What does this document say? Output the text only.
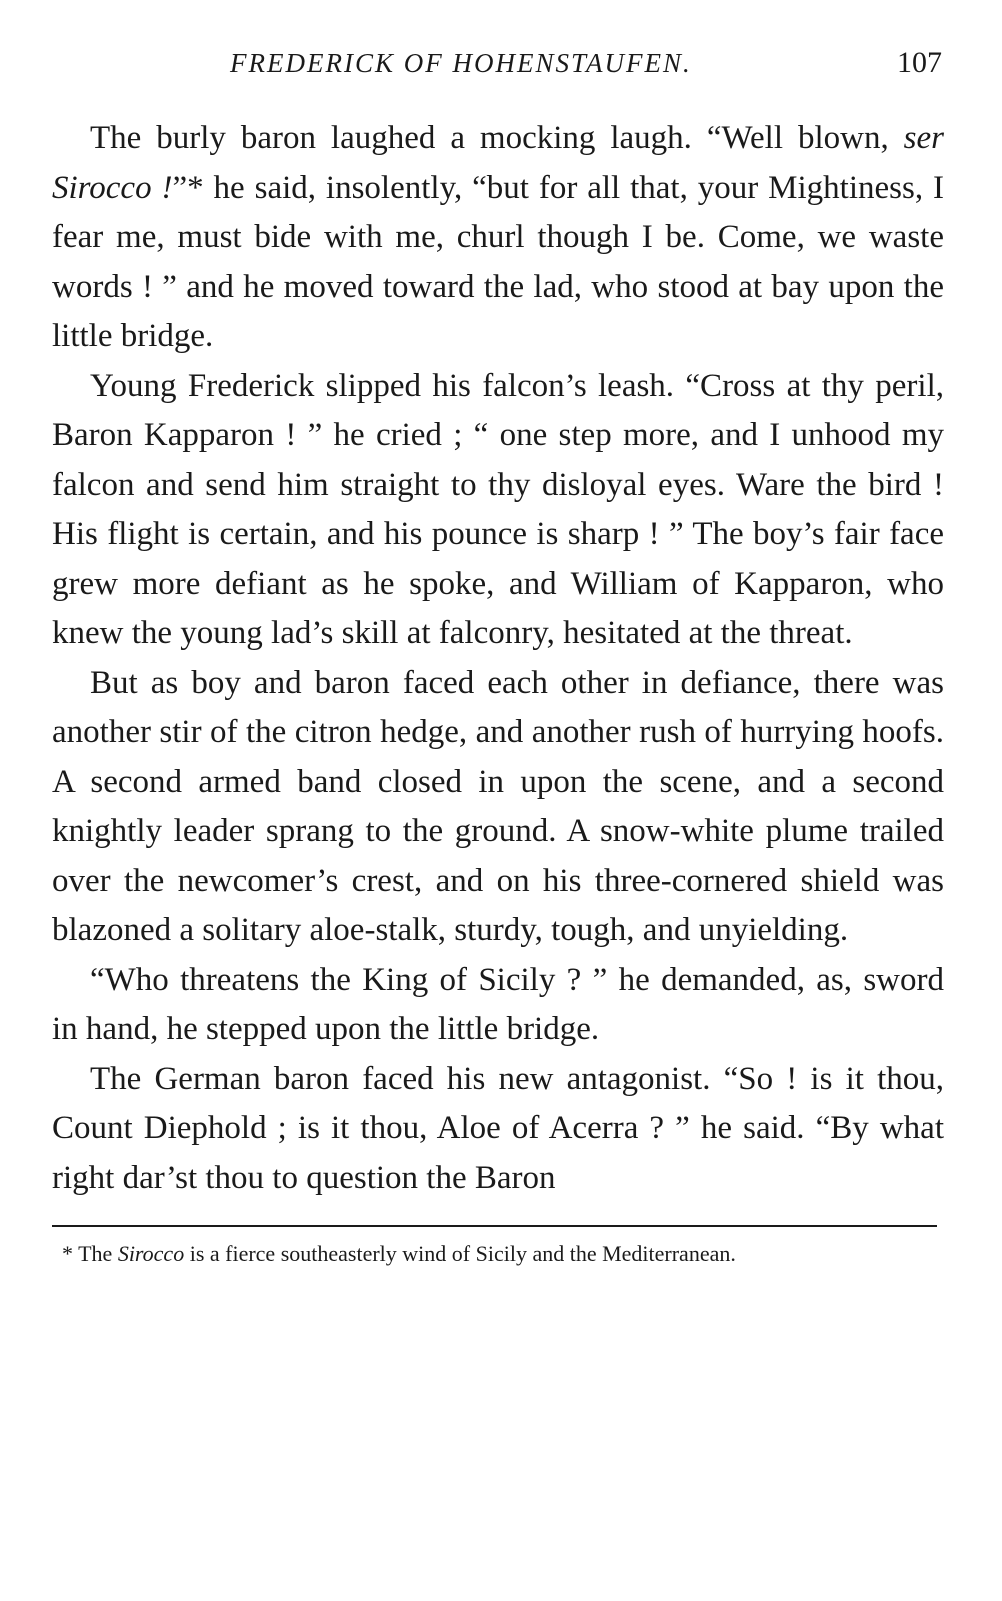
FREDERICK OF HOHENSTAUFEN.	107

The burly baron laughed a mocking laugh. “Well blown, ser Sirocco !”* he said, insolently, “but for all that, your Mightiness, I fear me, must bide with me, churl though I be. Come, we waste words ! ” and he moved toward the lad, who stood at bay upon the little bridge.

Young Frederick slipped his falcon’s leash. “Cross at thy peril, Baron Kapparon ! ” he cried ; “ one step more, and I unhood my falcon and send him straight to thy disloyal eyes. Ware the bird ! His flight is certain, and his pounce is sharp ! ” The boy’s fair face grew more defiant as he spoke, and William of Kapparon, who knew the young lad’s skill at falconry, hesitated at the threat.

But as boy and baron faced each other in defiance, there was another stir of the citron hedge, and another rush of hurrying hoofs. A second armed band closed in upon the scene, and a second knightly leader sprang to the ground. A snow-white plume trailed over the newcomer’s crest, and on his three-cornered shield was blazoned a solitary aloe-stalk, sturdy, tough, and unyielding.

“Who threatens the King of Sicily ? ” he demanded, as, sword in hand, he stepped upon the little bridge.

The German baron faced his new antagonist. “So ! is it thou, Count Diephold ; is it thou, Aloe of Acerra ? ” he said. “By what right dar’st thou to question the Baron

* The Sirocco is a fierce southeasterly wind of Sicily and the Mediterranean.
